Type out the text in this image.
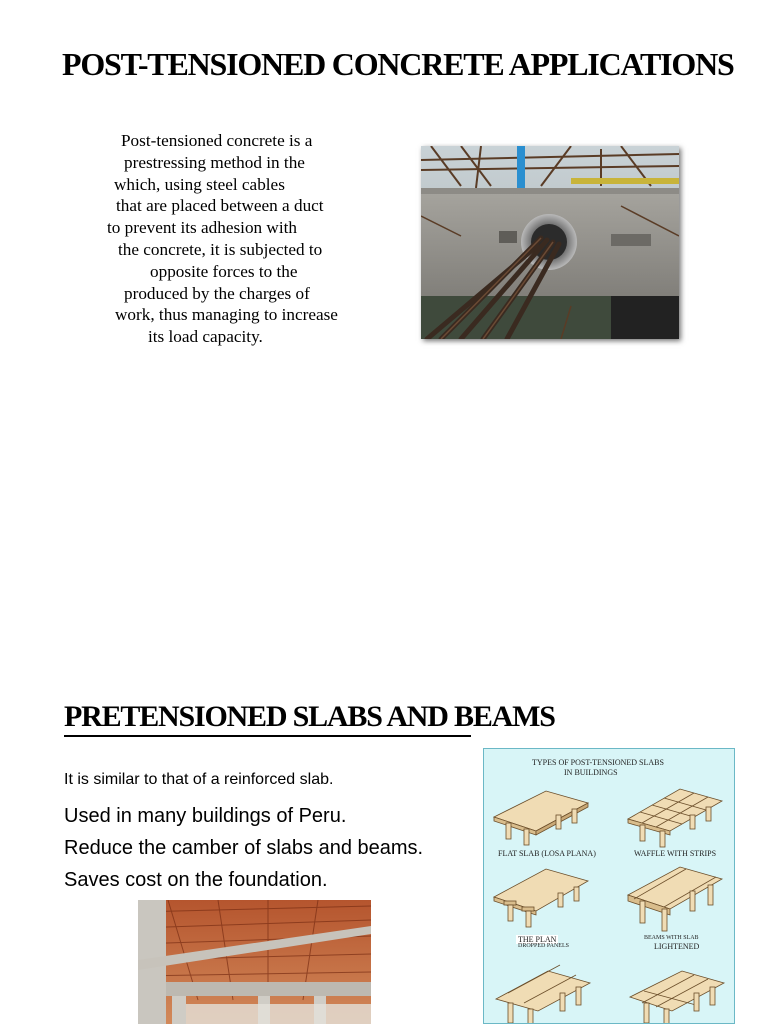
POST-TENSIONED CONCRETE APPLICATIONS
Post-tensioned concrete is a
prestressing method in the
which, using steel cables
that are placed between a duct
to prevent its adhesion with
the concrete, it is subjected to
opposite forces to the
produced by the charges of
work, thus managing to increase
its load capacity.
PRETENSIONED SLABS AND BEAMS
It is similar to that of a reinforced slab.
Used in many buildings of Peru.
Reduce the camber of slabs and beams.
Saves cost on the foundation.
TYPES OF POST-TENSIONED SLABS
IN BUILDINGS
FLAT SLAB (LOSA PLANA)	WAFFLE WITH STRIPS
THE PLAN
DROPPED PANELS
BEAMS WITH SLAB
LIGHTENED
